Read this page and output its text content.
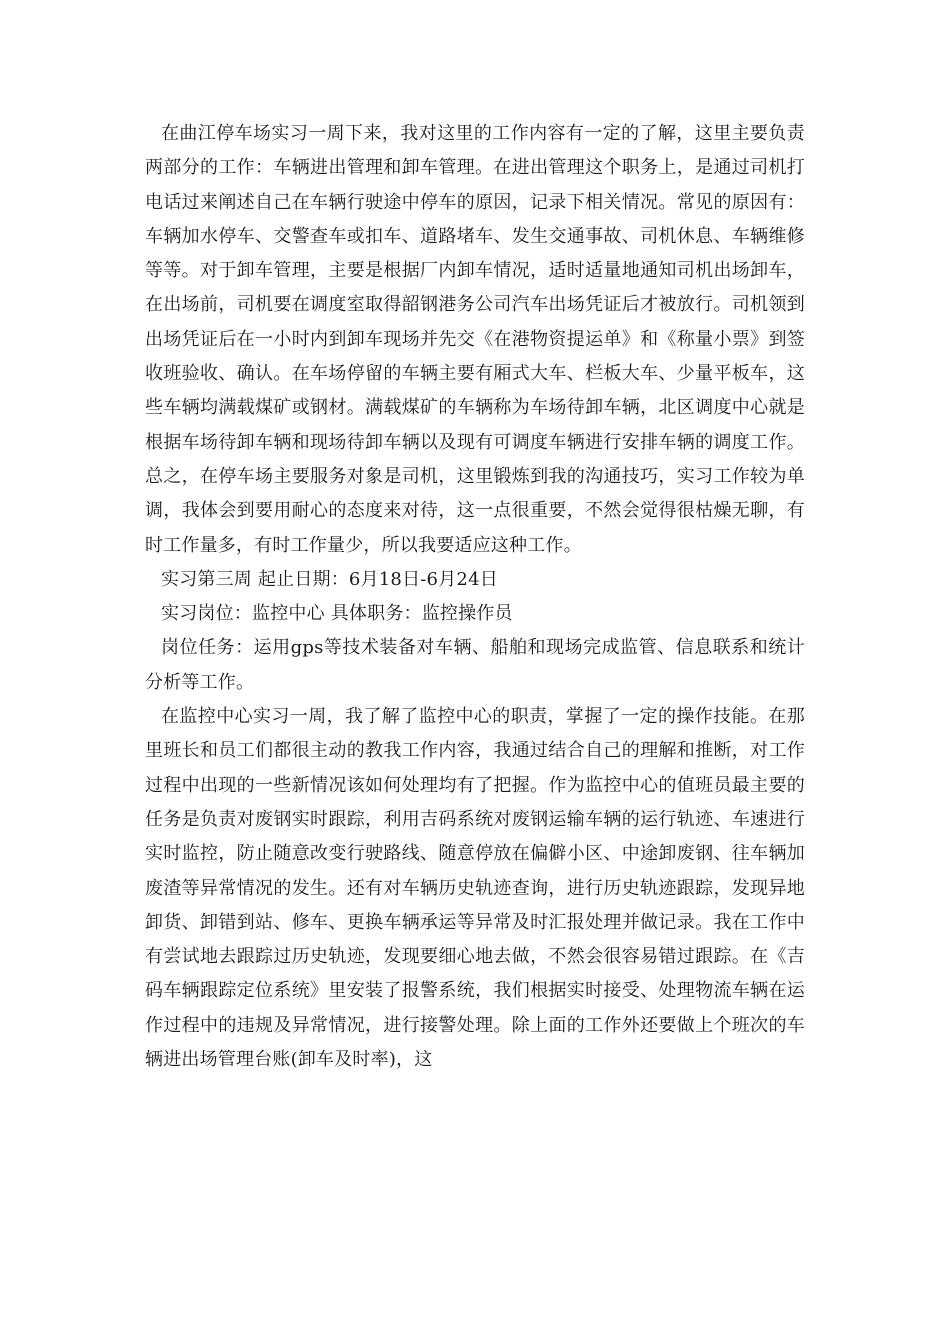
在曲江停车场实习一周下来，我对这里的工作内容有一定的了解，这里主要负责两部分的工作：车辆进出管理和卸车管理。在进出管理这个职务上，是通过司机打电话过来阐述自己在车辆行驶途中停车的原因，记录下相关情况。常见的原因有：车辆加水停车、交警查车或扣车、道路堵车、发生交通事故、司机休息、车辆维修等等。对于卸车管理，主要是根据厂内卸车情况，适时适量地通知司机出场卸车，在出场前，司机要在调度室取得韶钢港务公司汽车出场凭证后才被放行。司机领到出场凭证后在一小时内到卸车现场并先交《在港物资提运单》和《称量小票》到签收班验收、确认。在车场停留的车辆主要有厢式大车、栏板大车、少量平板车，这些车辆均满载煤矿或钢材。满载煤矿的车辆称为车场待卸车辆，北区调度中心就是根据车场待卸车辆和现场待卸车辆以及现有可调度车辆进行安排车辆的调度工作。总之，在停车场主要服务对象是司机，这里锻炼到我的沟通技巧，实习工作较为单调，我体会到要用耐心的态度来对待，这一点很重要，不然会觉得很枯燥无聊，有时工作量多，有时工作量少，所以我要适应这种工作。

实习第三周 起止日期：6月18日-6月24日

实习岗位：监控中心 具体职务：监控操作员

岗位任务：运用gps等技术装备对车辆、船舶和现场完成监管、信息联系和统计分析等工作。

在监控中心实习一周，我了解了监控中心的职责，掌握了一定的操作技能。在那里班长和员工们都很主动的教我工作内容，我通过结合自己的理解和推断，对工作过程中出现的一些新情况该如何处理均有了把握。作为监控中心的值班员最主要的任务是负责对废钢实时跟踪，利用吉码系统对废钢运输车辆的运行轨迹、车速进行实时监控，防止随意改变行驶路线、随意停放在偏僻小区、中途卸废钢、往车辆加废渣等异常情况的发生。还有对车辆历史轨迹查询，进行历史轨迹跟踪，发现异地卸货、卸错到站、修车、更换车辆承运等异常及时汇报处理并做记录。我在工作中有尝试地去跟踪过历史轨迹，发现要细心地去做，不然会很容易错过跟踪。在《吉码车辆跟踪定位系统》里安装了报警系统，我们根据实时接受、处理物流车辆在运作过程中的违规及异常情况，进行接警处理。除上面的工作外还要做上个班次的车辆进出场管理台账(卸车及时率)，这
